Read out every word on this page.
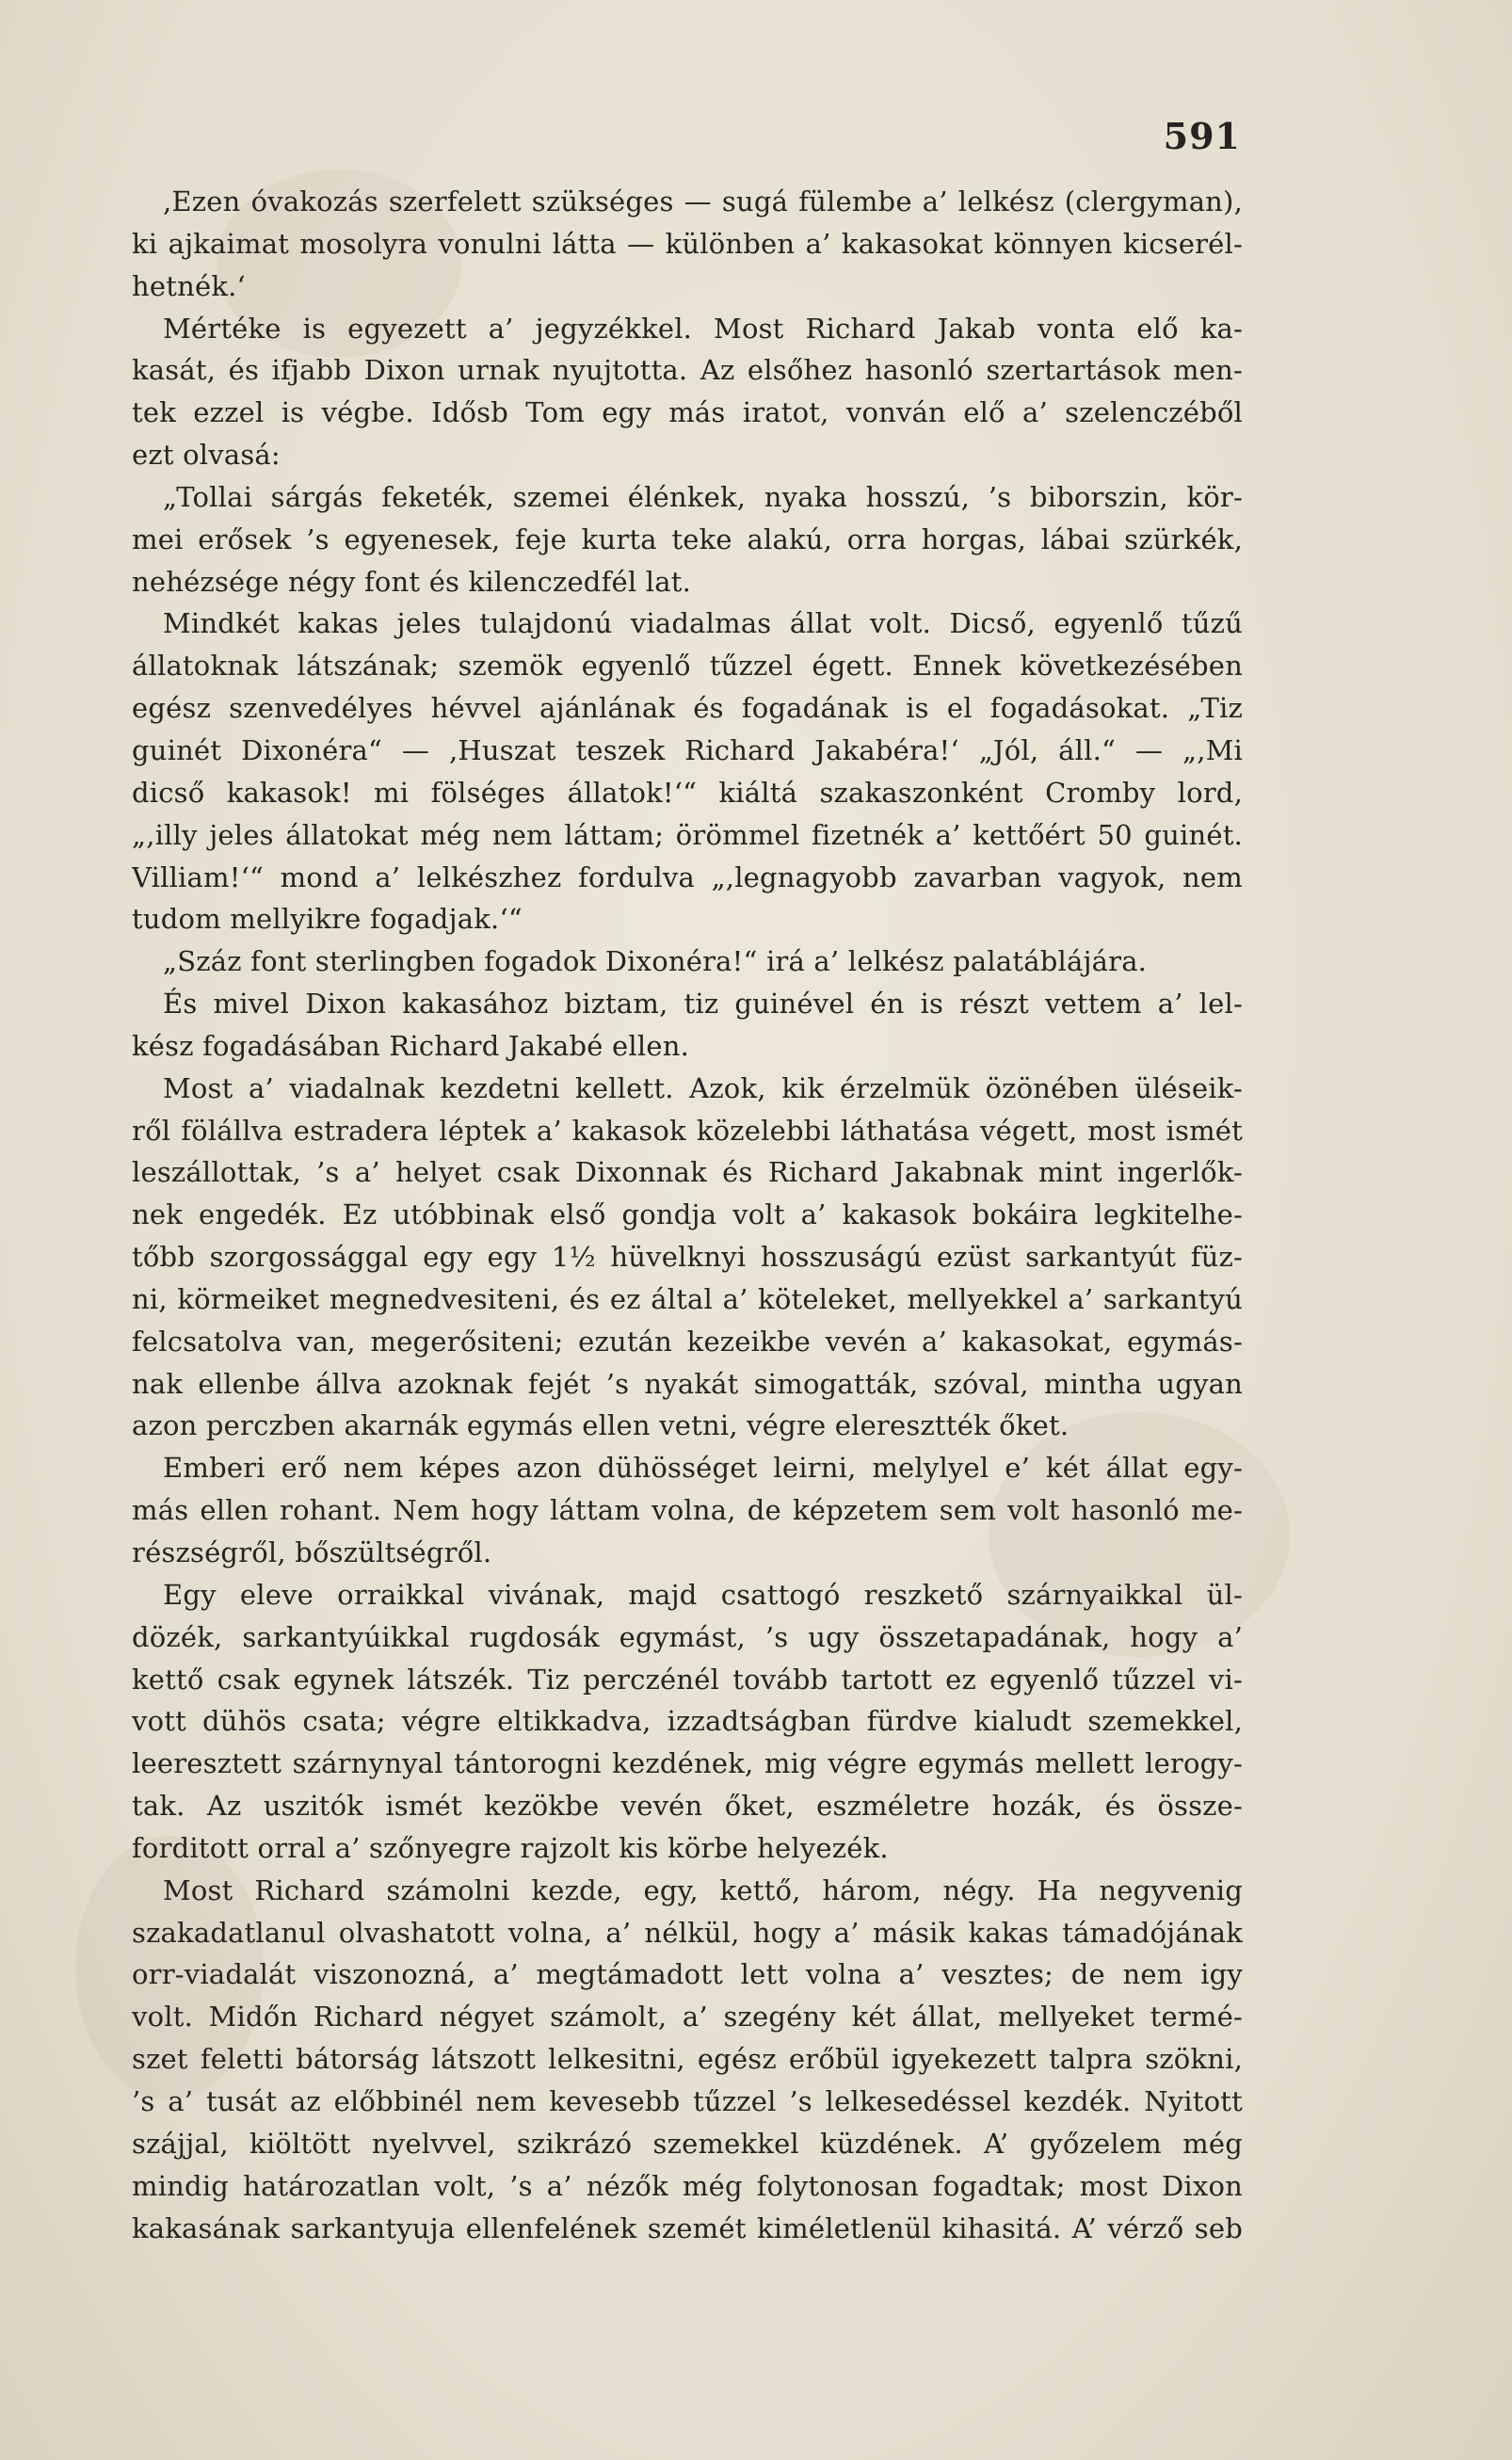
591
,Ezen óvakozás szerfelett szükséges — sugá fülembe a’ lelkész (clergyman),
ki ajkaimat mosolyra vonulni látta — különben a’ kakasokat könnyen kicserél-
hetnék.‘
Mértéke is egyezett a’ jegyzékkel. Most Richard Jakab vonta elő ka-
kasát, és ifjabb Dixon urnak nyujtotta. Az elsőhez hasonló szertartások men-
tek ezzel is végbe. Idősb Tom egy más iratot, vonván elő a’ szelenczéből
ezt olvasá:
„Tollai sárgás feketék, szemei élénkek, nyaka hosszú, ’s biborszin, kör-
mei erősek ’s egyenesek, feje kurta teke alakú, orra horgas, lábai szürkék,
nehézsége négy font és kilenczedfél lat.
Mindkét kakas jeles tulajdonú viadalmas állat volt. Dicső, egyenlő tűzű
állatoknak látszának; szemök egyenlő tűzzel égett. Ennek következésében
egész szenvedélyes hévvel ajánlának és fogadának is el fogadásokat. „Tiz
guinét Dixonéra“ — ,Huszat teszek Richard Jakabéra!‘ „Jól, áll.“ — „,Mi
dicső kakasok! mi fölséges állatok!‘“ kiáltá szakaszonként Cromby lord,
„,illy jeles állatokat még nem láttam; örömmel fizetnék a’ kettőért 50 guinét.
Villiam!‘“ mond a’ lelkészhez fordulva „,legnagyobb zavarban vagyok, nem
tudom mellyikre fogadjak.‘“
„Száz font sterlingben fogadok Dixonéra!“ irá a’ lelkész palatáblájára.
És mivel Dixon kakasához biztam, tiz guinével én is részt vettem a’ lel-
kész fogadásában Richard Jakabé ellen.
Most a’ viadalnak kezdetni kellett. Azok, kik érzelmük özönében üléseik-
ről fölállva estradera léptek a’ kakasok közelebbi láthatása végett, most ismét
leszállottak, ’s a’ helyet csak Dixonnak és Richard Jakabnak mint ingerlők-
nek engedék. Ez utóbbinak első gondja volt a’ kakasok bokáira legkitelhe-
tőbb szorgossággal egy egy 1½ hüvelknyi hosszuságú ezüst sarkantyút füz-
ni, körmeiket megnedvesiteni, és ez által a’ köteleket, mellyekkel a’ sarkantyú
felcsatolva van, megerősiteni; ezután kezeikbe vevén a’ kakasokat, egymás-
nak ellenbe állva azoknak fejét ’s nyakát simogatták, szóval, mintha ugyan
azon perczben akarnák egymás ellen vetni, végre eleresztték őket.
Emberi erő nem képes azon dühösséget leirni, melylyel e’ két állat egy-
más ellen rohant. Nem hogy láttam volna, de képzetem sem volt hasonló me-
részségről, bőszültségről.
Egy eleve orraikkal vivának, majd csattogó reszkető szárnyaikkal ül-
dözék, sarkantyúikkal rugdosák egymást, ’s ugy összetapadának, hogy a’
kettő csak egynek látszék. Tiz perczénél tovább tartott ez egyenlő tűzzel vi-
vott dühös csata; végre eltikkadva, izzadtságban fürdve kialudt szemekkel,
leeresztett szárnynyal tántorogni kezdének, mig végre egymás mellett lerogy-
tak. Az uszitók ismét kezökbe vevén őket, eszméletre hozák, és össze-
forditott orral a’ szőnyegre rajzolt kis körbe helyezék.
Most Richard számolni kezde, egy, kettő, három, négy. Ha negyvenig
szakadatlanul olvashatott volna, a’ nélkül, hogy a’ másik kakas támadójának
orr-viadalát viszonozná, a’ megtámadott lett volna a’ vesztes; de nem igy
volt. Midőn Richard négyet számolt, a’ szegény két állat, mellyeket termé-
szet feletti bátorság látszott lelkesitni, egész erőbül igyekezett talpra szökni,
’s a’ tusát az előbbinél nem kevesebb tűzzel ’s lelkesedéssel kezdék. Nyitott
szájjal, kiöltött nyelvvel, szikrázó szemekkel küzdének. A’ győzelem még
mindig határozatlan volt, ’s a’ nézők még folytonosan fogadtak; most Dixon
kakasának sarkantyuja ellenfelének szemét kiméletlenül kihasitá. A’ vérző seb
